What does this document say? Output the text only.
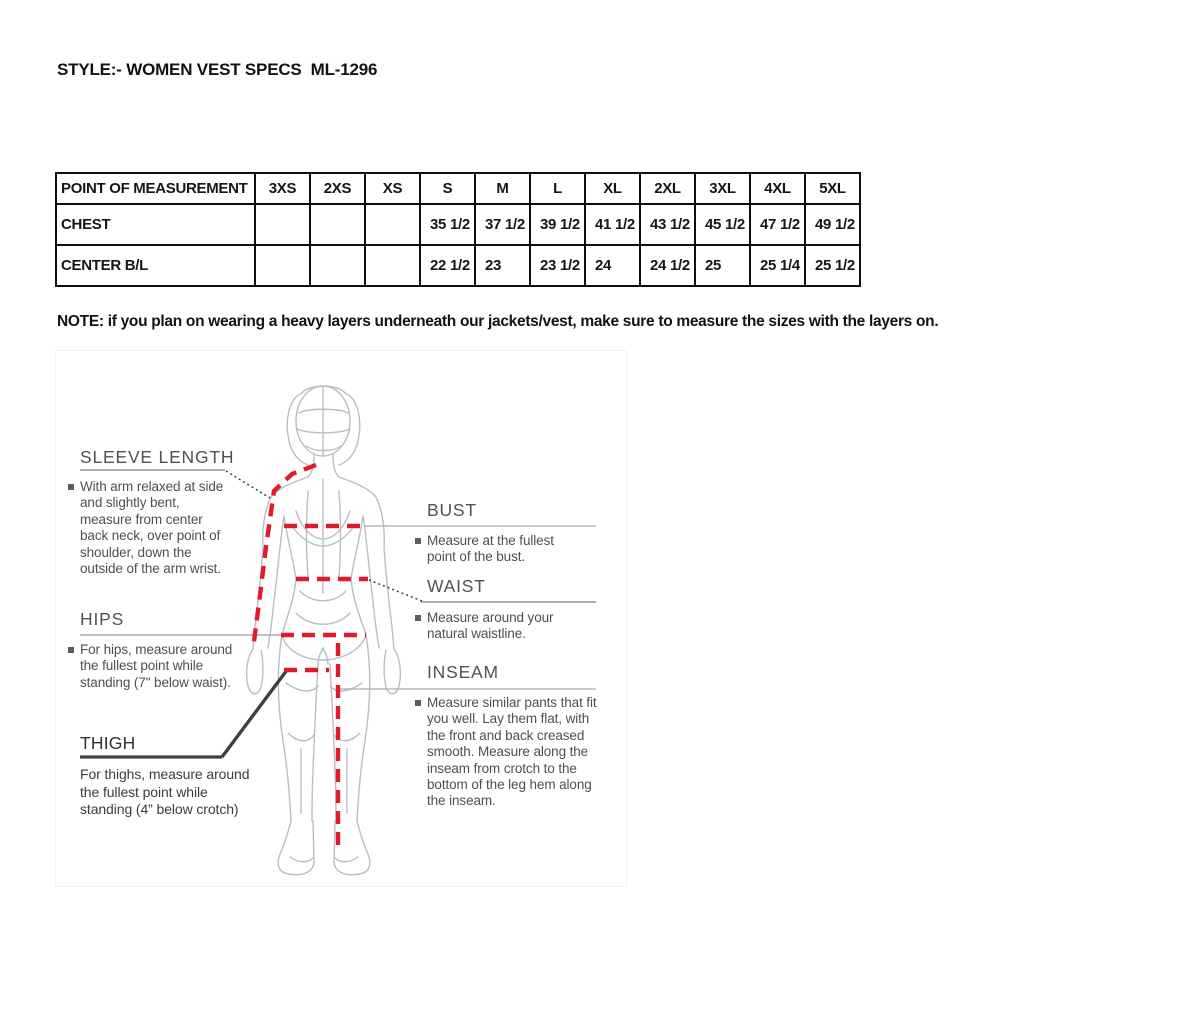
STYLE:- WOMEN VEST SPECS  ML-1296
POINT OF MEASUREMENT	3XS	2XS	XS	S	M	L	XL	2XL	3XL	4XL	5XL
CHEST				35 1/2	37 1/2	39 1/2	41 1/2	43 1/2	45 1/2	47 1/2	49 1/2
CENTER B/L				22 1/2	23	23 1/2	24	24 1/2	25	25 1/4	25 1/2
NOTE: if you plan on wearing a heavy layers underneath our jackets/vest, make sure to measure the sizes with the layers on.
SLEEVE LENGTH

With arm relaxed at side and slightly bent, measure from center back neck, over point of shoulder, down the outside of the arm wrist.

HIPS

For hips, measure around the fullest point while standing (7" below waist).

THIGH

For thighs, measure around the fullest point while standing (4” below crotch)

BUST

Measure at the fullest point of the bust.

WAIST

Measure around your natural waistline.

INSEAM

Measure similar pants that fit you well. Lay them flat, with the front and back creased smooth. Measure along the inseam from crotch to the bottom of the leg hem along the inseam.
